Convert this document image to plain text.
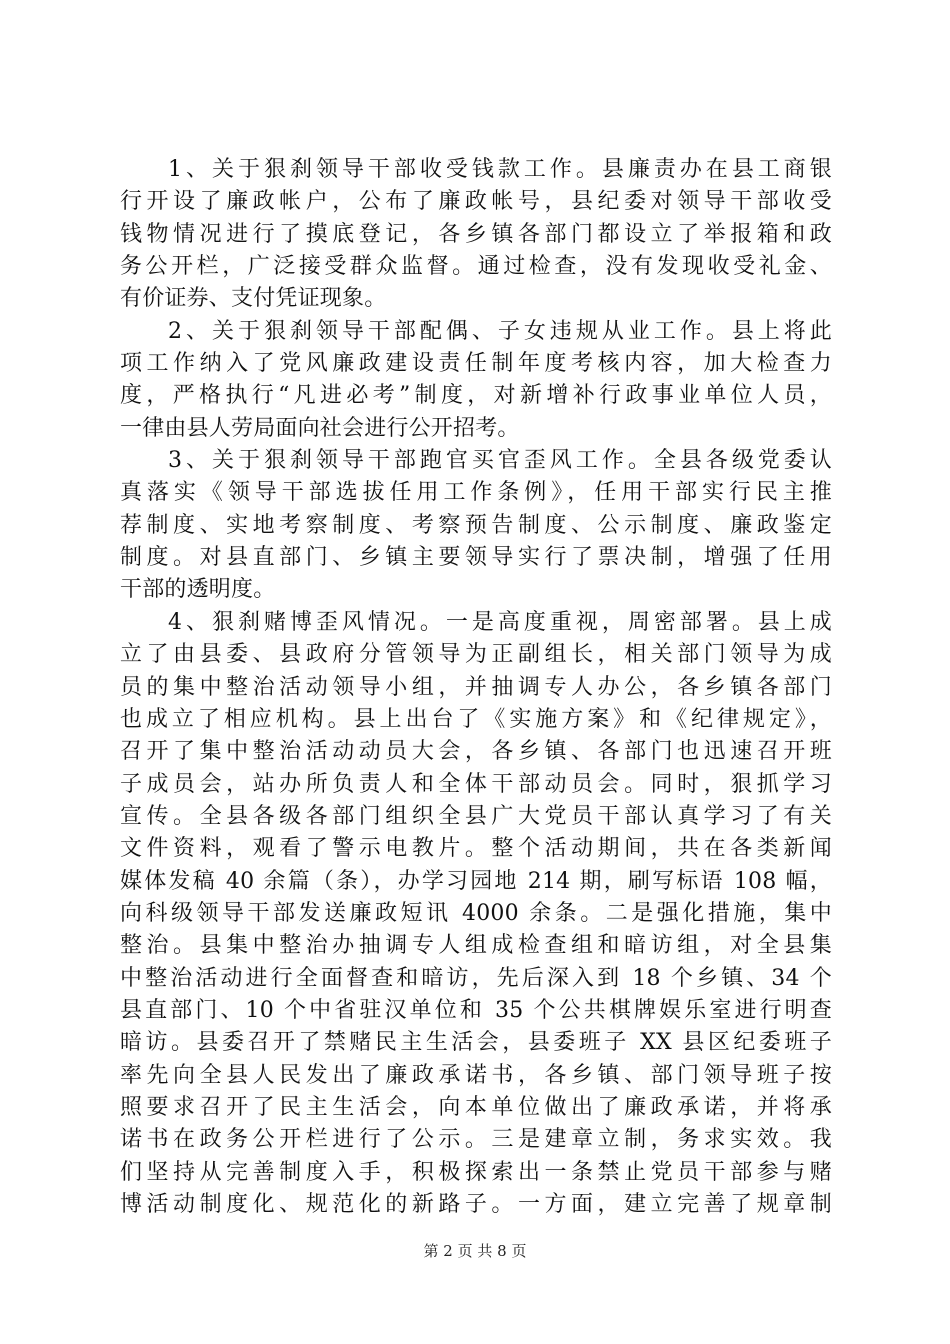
1、关于狠刹领导干部收受钱款工作。县廉责办在县工商银
行开设了廉政帐户，公布了廉政帐号，县纪委对领导干部收受
钱物情况进行了摸底登记，各乡镇各部门都设立了举报箱和政
务公开栏，广泛接受群众监督。通过检查，没有发现收受礼金、
有价证券、支付凭证现象。
2、关于狠刹领导干部配偶、子女违规从业工作。县上将此
项工作纳入了党风廉政建设责任制年度考核内容，加大检查力
度，严格执行“凡进必考”制度，对新增补行政事业单位人员，
一律由县人劳局面向社会进行公开招考。
3、关于狠刹领导干部跑官买官歪风工作。全县各级党委认
真落实《领导干部选拔任用工作条例》，任用干部实行民主推
荐制度、实地考察制度、考察预告制度、公示制度、廉政鉴定
制度。对县直部门、乡镇主要领导实行了票决制，增强了任用
干部的透明度。
4、狠刹赌博歪风情况。一是高度重视，周密部署。县上成
立了由县委、县政府分管领导为正副组长，相关部门领导为成
员的集中整治活动领导小组，并抽调专人办公，各乡镇各部门
也成立了相应机构。县上出台了《实施方案》和《纪律规定》，
召开了集中整治活动动员大会，各乡镇、各部门也迅速召开班
子成员会，站办所负责人和全体干部动员会。同时，狠抓学习
宣传。全县各级各部门组织全县广大党员干部认真学习了有关
文件资料，观看了警示电教片。整个活动期间，共在各类新闻
媒体发稿 40 余篇（条），办学习园地 214 期，刷写标语 108 幅，
向科级领导干部发送廉政短讯 4000 余条。二是强化措施，集中
整治。县集中整治办抽调专人组成检查组和暗访组，对全县集
中整治活动进行全面督查和暗访，先后深入到 18 个乡镇、34 个
县直部门、10 个中省驻汉单位和 35 个公共棋牌娱乐室进行明查
暗访。县委召开了禁赌民主生活会，县委班子 XX 县区纪委班子
率先向全县人民发出了廉政承诺书，各乡镇、部门领导班子按
照要求召开了民主生活会，向本单位做出了廉政承诺，并将承
诺书在政务公开栏进行了公示。三是建章立制，务求实效。我
们坚持从完善制度入手，积极探索出一条禁止党员干部参与赌
博活动制度化、规范化的新路子。一方面，建立完善了规章制
第 2 页 共 8 页
